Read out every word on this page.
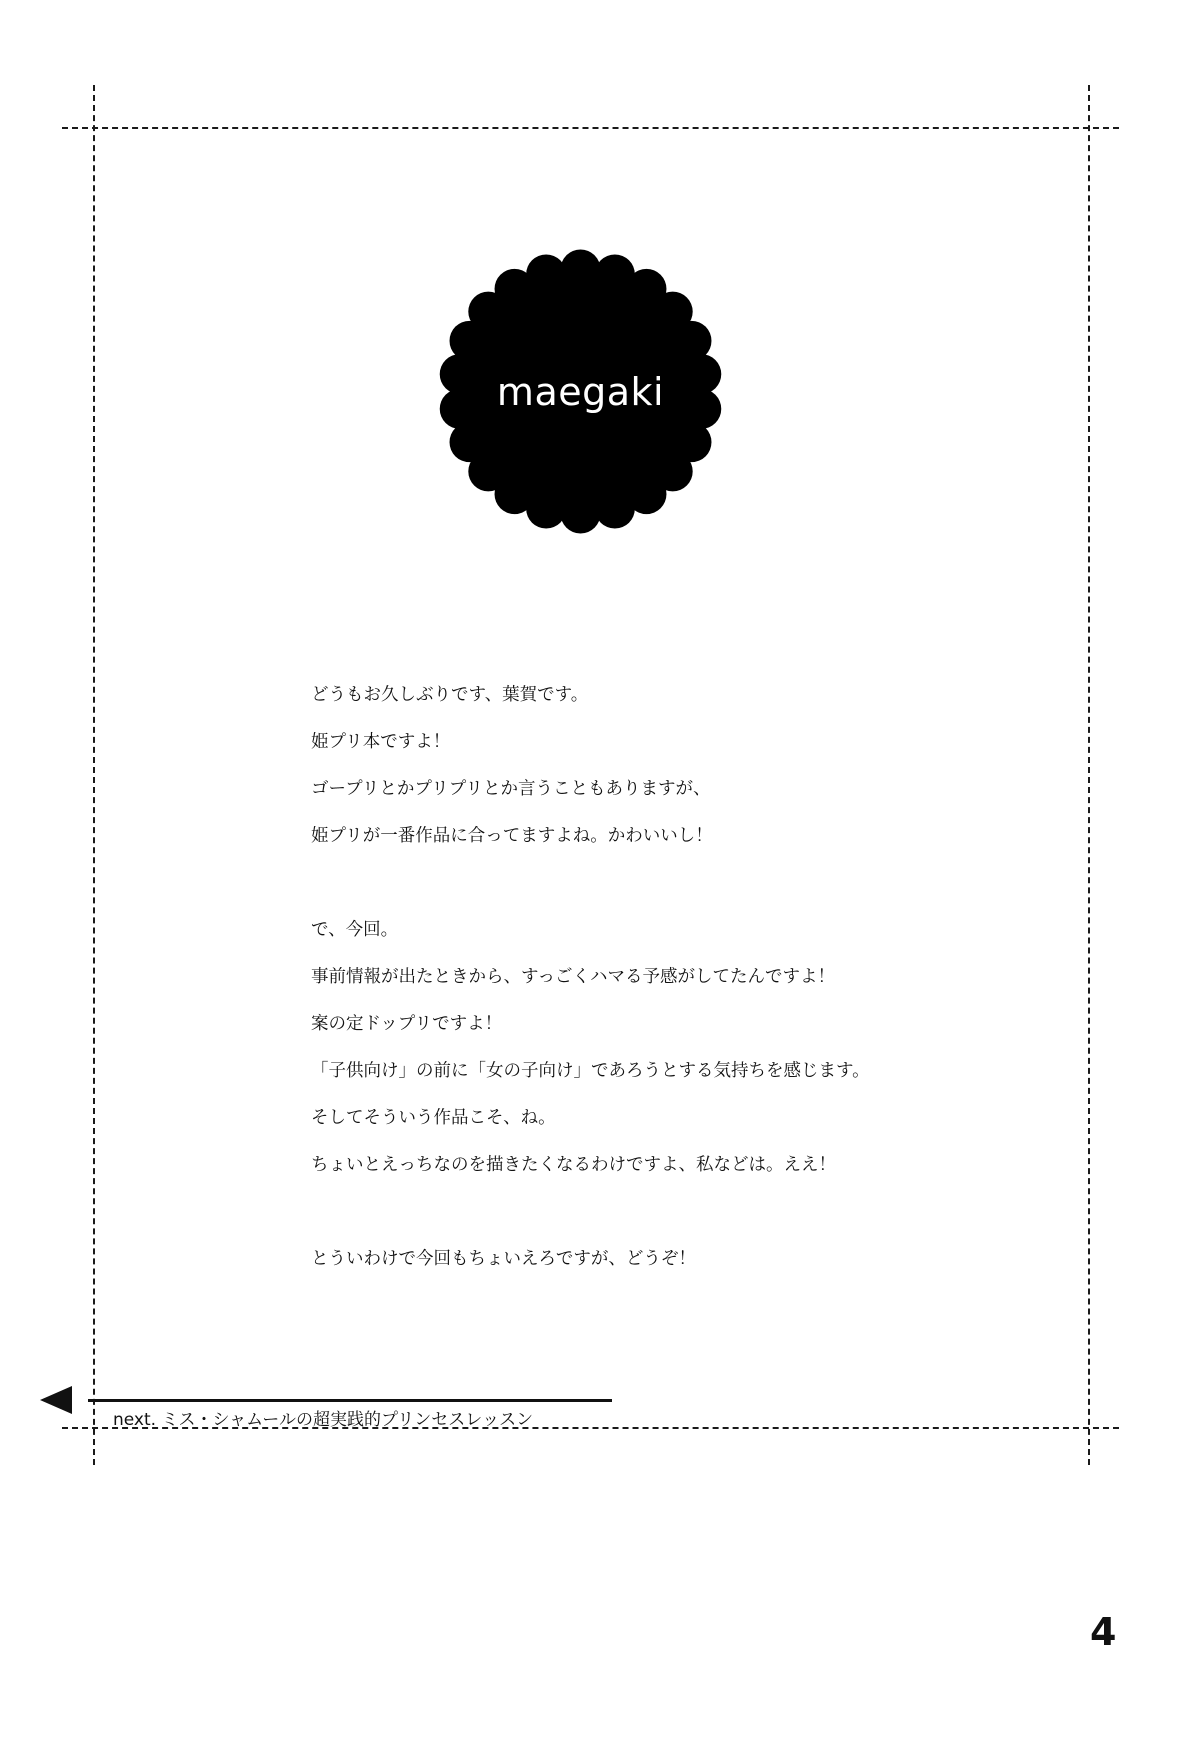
maegaki
どうもお久しぶりです、葉賀です。
姫プリ本ですよ！
ゴープリとかプリプリとか言うこともありますが、
姫プリが一番作品に合ってますよね。かわいいし！
で、今回。
事前情報が出たときから、すっごくハマる予感がしてたんですよ！
案の定ドップリですよ！
「子供向け」の前に「女の子向け」であろうとする気持ちを感じます。
そしてそういう作品こそ、ね。
ちょいとえっちなのを描きたくなるわけですよ、私などは。ええ！
とういわけで今回もちょいえろですが、どうぞ！
next. ミス・シャムールの超実践的プリンセスレッスン
4
